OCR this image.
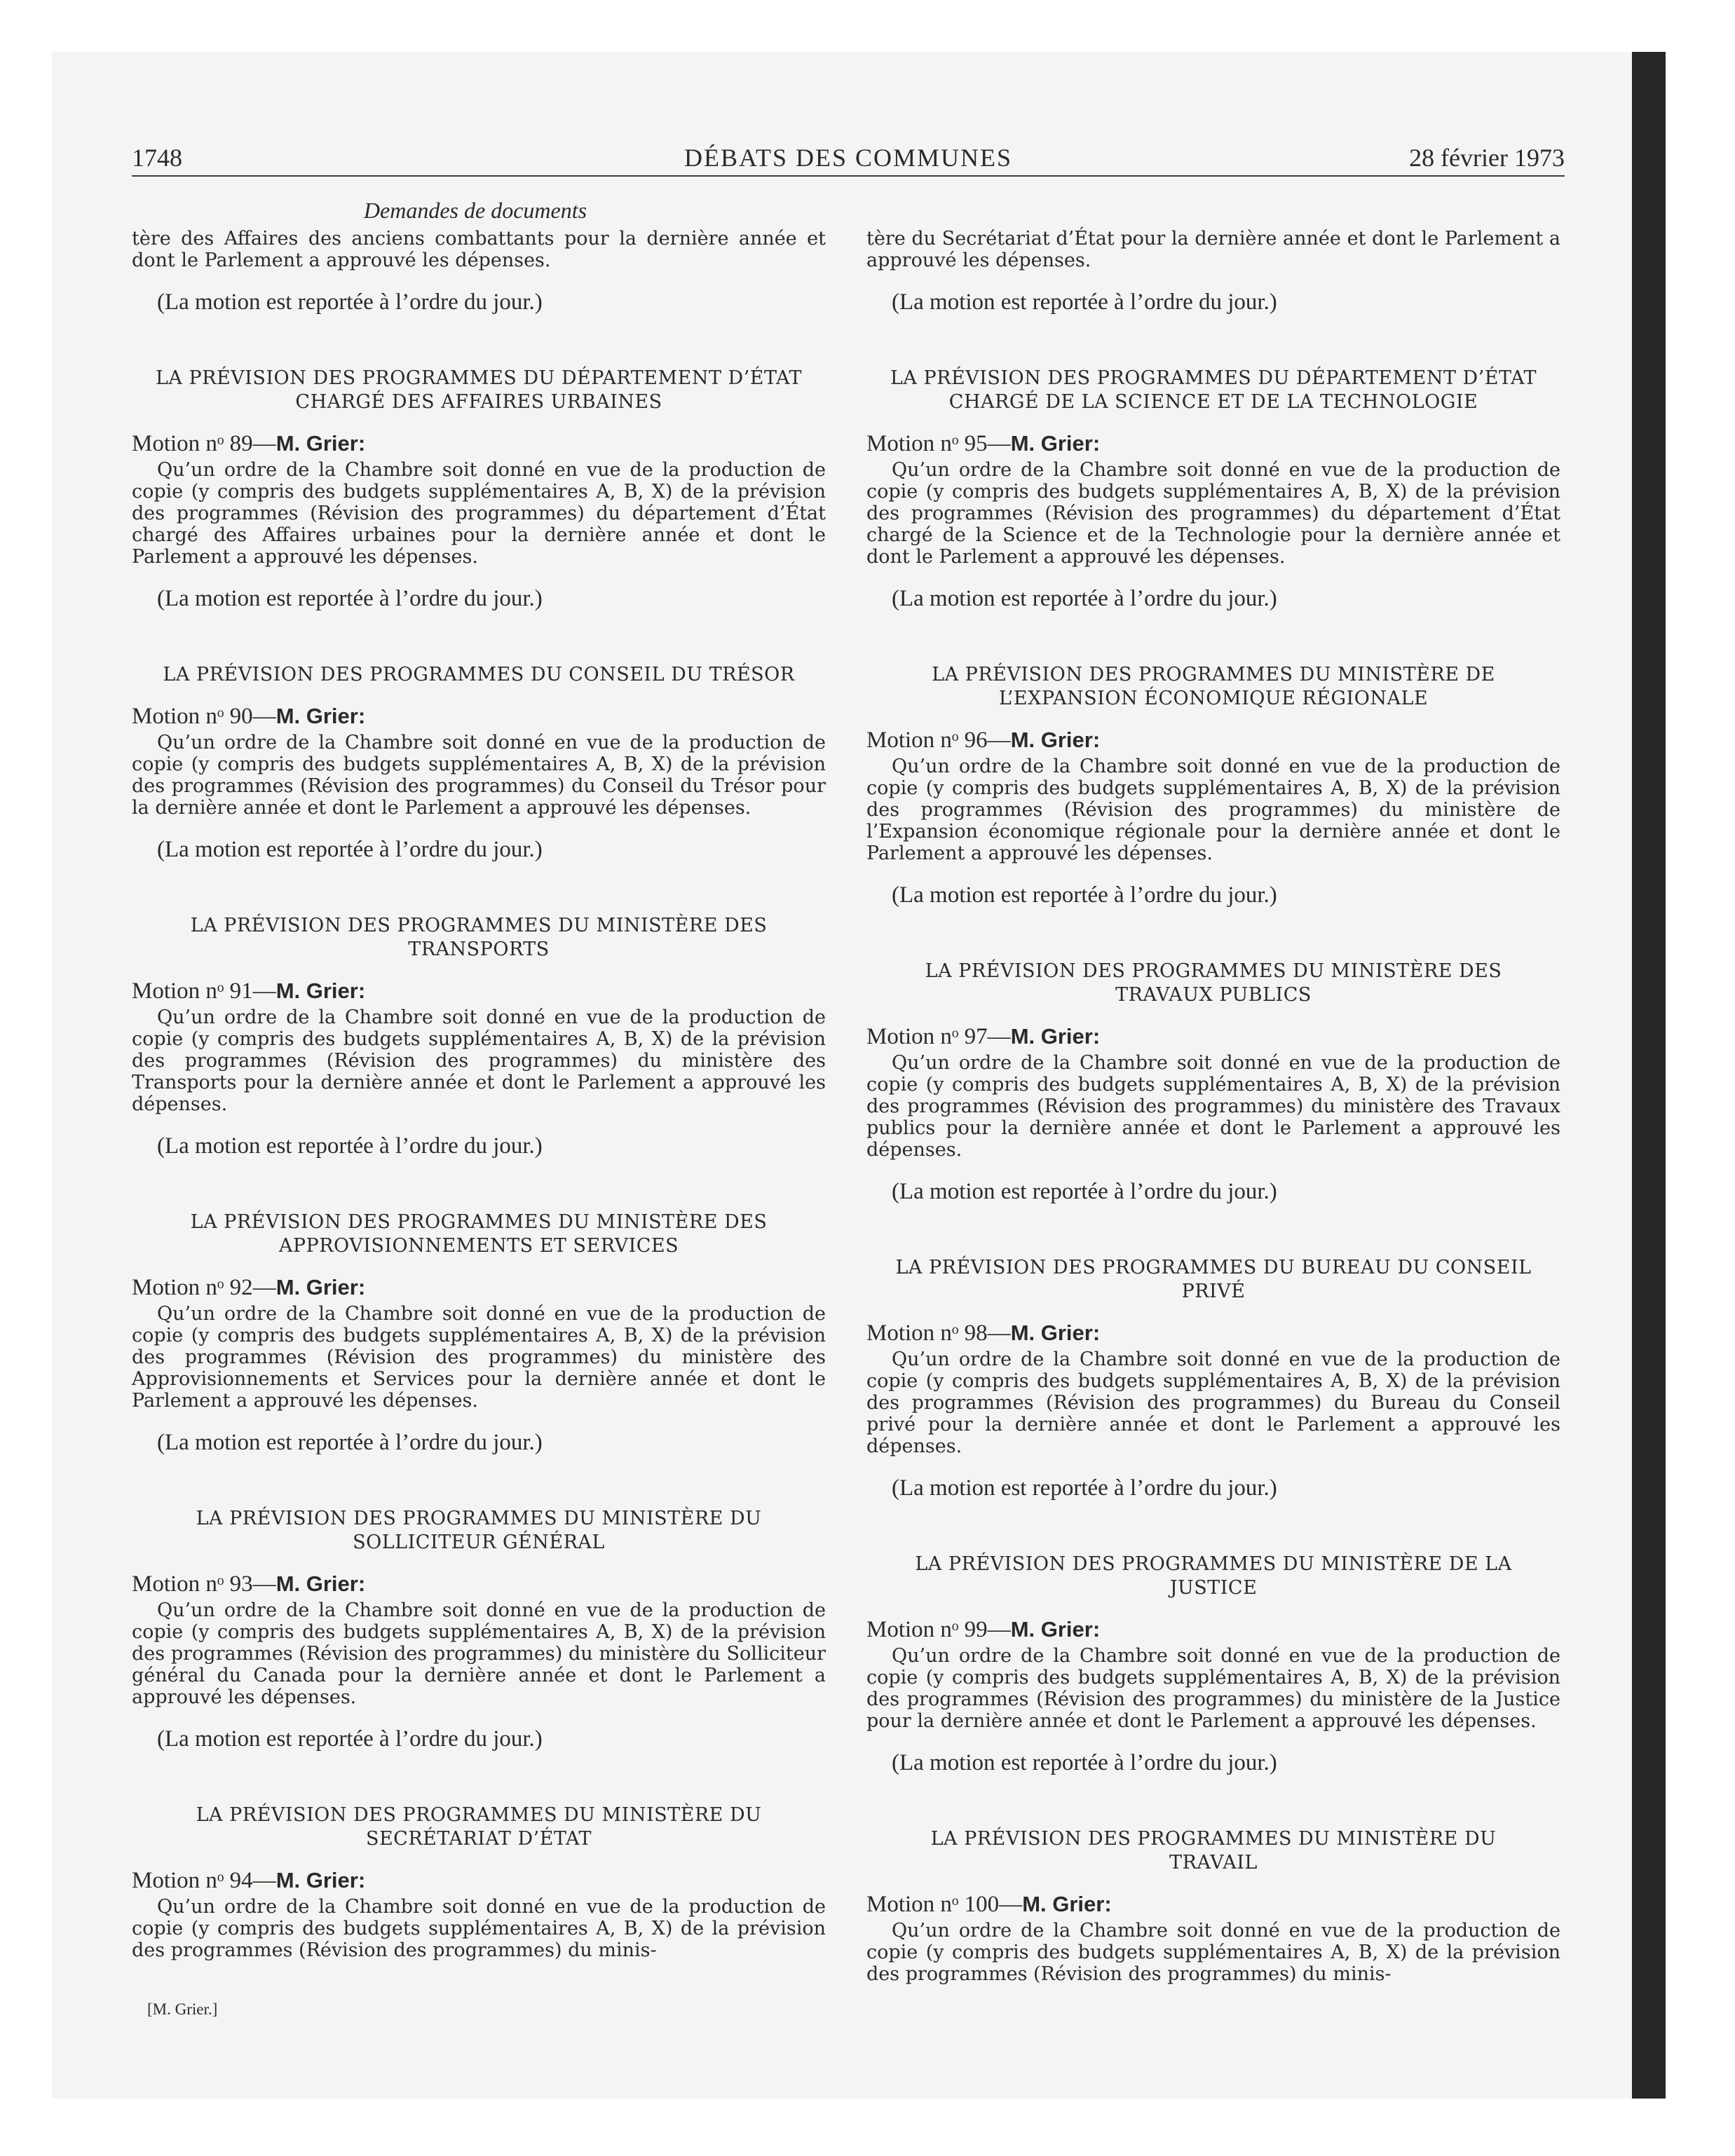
1748	DÉBATS DES COMMUNES	28 février 1973
Demandes de documents

tère des Affaires des anciens combattants pour la dernière année et dont le Parlement a approuvé les dépenses.

(La motion est reportée à l’ordre du jour.)

LA PRÉVISION DES PROGRAMMES DU DÉPARTEMENT D’ÉTAT CHARGÉ DES AFFAIRES URBAINES
Motion nᵒ 89—M. Grier:

Qu’un ordre de la Chambre soit donné en vue de la production de copie (y compris des budgets supplémentaires A, B, X) de la prévision des programmes (Révision des programmes) du département d’État chargé des Affaires urbaines pour la dernière année et dont le Parlement a approuvé les dépenses.

(La motion est reportée à l’ordre du jour.)

LA PRÉVISION DES PROGRAMMES DU CONSEIL DU TRÉSOR
Motion nᵒ 90—M. Grier:

Qu’un ordre de la Chambre soit donné en vue de la production de copie (y compris des budgets supplémentaires A, B, X) de la prévision des programmes (Révision des programmes) du Conseil du Trésor pour la dernière année et dont le Parlement a approuvé les dépenses.

(La motion est reportée à l’ordre du jour.)

LA PRÉVISION DES PROGRAMMES DU MINISTÈRE DES TRANSPORTS
Motion nᵒ 91—M. Grier:

Qu’un ordre de la Chambre soit donné en vue de la production de copie (y compris des budgets supplémentaires A, B, X) de la prévision des programmes (Révision des programmes) du ministère des Transports pour la dernière année et dont le Parlement a approuvé les dépenses.

(La motion est reportée à l’ordre du jour.)

LA PRÉVISION DES PROGRAMMES DU MINISTÈRE DES APPROVISIONNEMENTS ET SERVICES
Motion nᵒ 92—M. Grier:

Qu’un ordre de la Chambre soit donné en vue de la production de copie (y compris des budgets supplémentaires A, B, X) de la prévision des programmes (Révision des programmes) du ministère des Approvisionnements et Services pour la dernière année et dont le Parlement a approuvé les dépenses.

(La motion est reportée à l’ordre du jour.)

LA PRÉVISION DES PROGRAMMES DU MINISTÈRE DU SOLLICITEUR GÉNÉRAL
Motion nᵒ 93—M. Grier:

Qu’un ordre de la Chambre soit donné en vue de la production de copie (y compris des budgets supplémentaires A, B, X) de la prévision des programmes (Révision des programmes) du ministère du Solliciteur général du Canada pour la dernière année et dont le Parlement a approuvé les dépenses.

(La motion est reportée à l’ordre du jour.)

LA PRÉVISION DES PROGRAMMES DU MINISTÈRE DU SECRÉTARIAT D’ÉTAT
Motion nᵒ 94—M. Grier:

Qu’un ordre de la Chambre soit donné en vue de la production de copie (y compris des budgets supplémentaires A, B, X) de la prévision des programmes (Révision des programmes) du minis-

tère du Secrétariat d’État pour la dernière année et dont le Parlement a approuvé les dépenses.

(La motion est reportée à l’ordre du jour.)

LA PRÉVISION DES PROGRAMMES DU DÉPARTEMENT D’ÉTAT CHARGÉ DE LA SCIENCE ET DE LA TECHNOLOGIE
Motion nᵒ 95—M. Grier:

Qu’un ordre de la Chambre soit donné en vue de la production de copie (y compris des budgets supplémentaires A, B, X) de la prévision des programmes (Révision des programmes) du département d’État chargé de la Science et de la Technologie pour la dernière année et dont le Parlement a approuvé les dépenses.

(La motion est reportée à l’ordre du jour.)

LA PRÉVISION DES PROGRAMMES DU MINISTÈRE DE L’EXPANSION ÉCONOMIQUE RÉGIONALE
Motion nᵒ 96—M. Grier:

Qu’un ordre de la Chambre soit donné en vue de la production de copie (y compris des budgets supplémentaires A, B, X) de la prévision des programmes (Révision des programmes) du ministère de l’Expansion économique régionale pour la dernière année et dont le Parlement a approuvé les dépenses.

(La motion est reportée à l’ordre du jour.)

LA PRÉVISION DES PROGRAMMES DU MINISTÈRE DES TRAVAUX PUBLICS
Motion nᵒ 97—M. Grier:

Qu’un ordre de la Chambre soit donné en vue de la production de copie (y compris des budgets supplémentaires A, B, X) de la prévision des programmes (Révision des programmes) du ministère des Travaux publics pour la dernière année et dont le Parlement a approuvé les dépenses.

(La motion est reportée à l’ordre du jour.)

LA PRÉVISION DES PROGRAMMES DU BUREAU DU CONSEIL PRIVÉ
Motion nᵒ 98—M. Grier:

Qu’un ordre de la Chambre soit donné en vue de la production de copie (y compris des budgets supplémentaires A, B, X) de la prévision des programmes (Révision des programmes) du Bureau du Conseil privé pour la dernière année et dont le Parlement a approuvé les dépenses.

(La motion est reportée à l’ordre du jour.)

LA PRÉVISION DES PROGRAMMES DU MINISTÈRE DE LA JUSTICE
Motion nᵒ 99—M. Grier:

Qu’un ordre de la Chambre soit donné en vue de la production de copie (y compris des budgets supplémentaires A, B, X) de la prévision des programmes (Révision des programmes) du ministère de la Justice pour la dernière année et dont le Parlement a approuvé les dépenses.

(La motion est reportée à l’ordre du jour.)

LA PRÉVISION DES PROGRAMMES DU MINISTÈRE DU TRAVAIL
Motion nᵒ 100—M. Grier:

Qu’un ordre de la Chambre soit donné en vue de la production de copie (y compris des budgets supplémentaires A, B, X) de la prévision des programmes (Révision des programmes) du minis-

[M. Grier.]
